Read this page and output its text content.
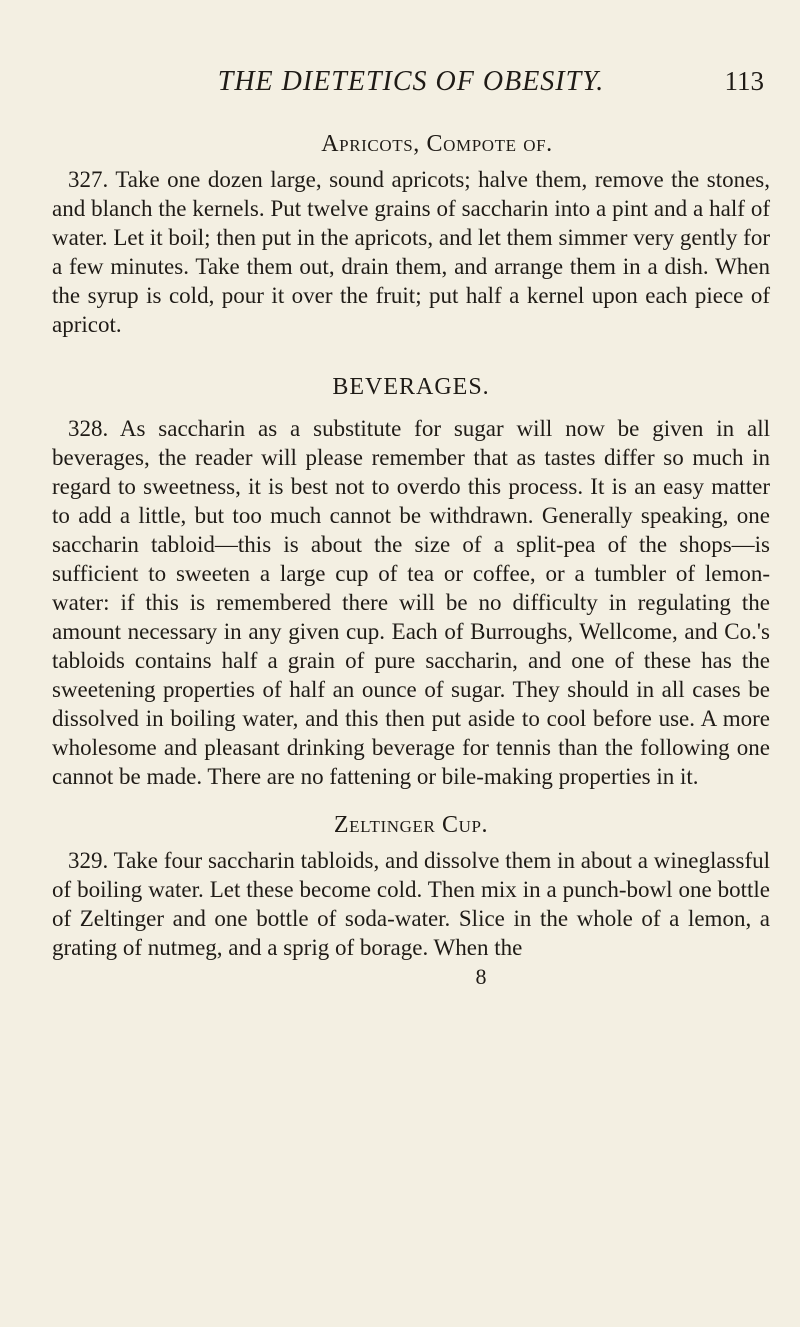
THE DIETETICS OF OBESITY.	113

Apricots, Compote of.

327. Take one dozen large, sound apricots; halve them, remove the stones, and blanch the kernels. Put twelve grains of saccharin into a pint and a half of water. Let it boil; then put in the apricots, and let them simmer very gently for a few minutes. Take them out, drain them, and arrange them in a dish. When the syrup is cold, pour it over the fruit; put half a kernel upon each piece of apricot.

BEVERAGES.

328. As saccharin as a substitute for sugar will now be given in all beverages, the reader will please remember that as tastes differ so much in regard to sweetness, it is best not to overdo this process. It is an easy matter to add a little, but too much cannot be withdrawn. Generally speaking, one saccharin tabloid—this is about the size of a split-pea of the shops—is sufficient to sweeten a large cup of tea or coffee, or a tumbler of lemon-water: if this is remembered there will be no difficulty in regulating the amount necessary in any given cup. Each of Burroughs, Wellcome, and Co.'s tabloids contains half a grain of pure saccharin, and one of these has the sweetening properties of half an ounce of sugar. They should in all cases be dissolved in boiling water, and this then put aside to cool before use. A more wholesome and pleasant drinking beverage for tennis than the following one cannot be made. There are no fattening or bile-making properties in it.

Zeltinger Cup.

329. Take four saccharin tabloids, and dissolve them in about a wineglassful of boiling water. Let these become cold. Then mix in a punch-bowl one bottle of Zeltinger and one bottle of soda-water. Slice in the whole of a lemon, a grating of nutmeg, and a sprig of borage. When the

8
